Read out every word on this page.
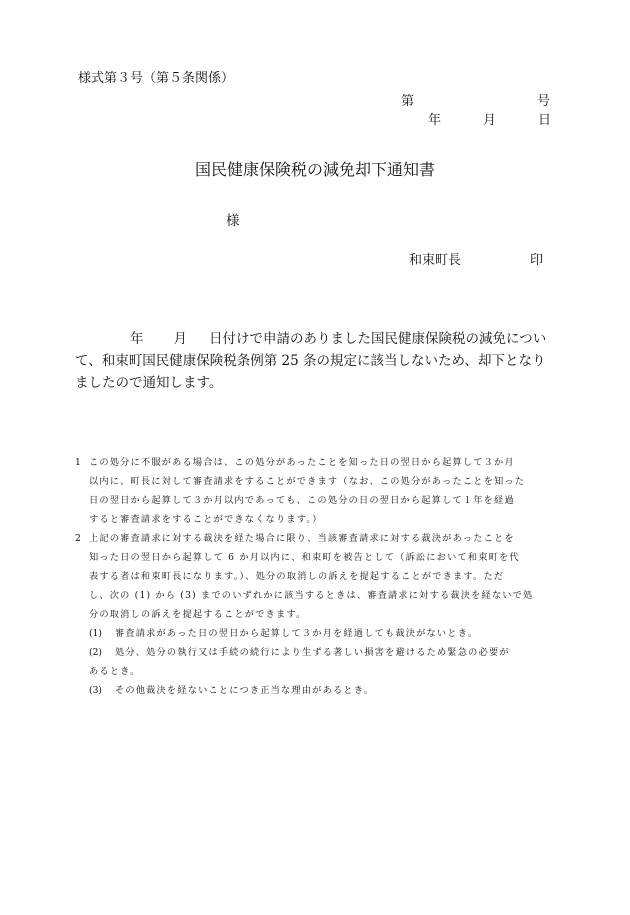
様式第３号（第５条関係）
第	号
年	月	日
国民健康保険税の減免却下通知書
様
和束町長	印
年 月 日付けで申請のありました国民健康保険税の減免につい
て、和束町国民健康保険税条例第 25 条の規定に該当しないため、却下となり
ましたので通知します。
1 この処分に不服がある場合は、この処分があったことを知った日の翌日から起算して３か月
以内に、町長に対して審査請求をすることができます（なお、この処分があったことを知った
日の翌日から起算して３か月以内であっても、この処分の日の翌日から起算して１年を経過
すると審査請求をすることができなくなります。）
2 上記の審査請求に対する裁決を経た場合に限り、当該審査請求に対する裁決があったことを
知った日の翌日から起算して 6 か月以内に、和束町を被告として（訴訟において和束町を代
表する者は和束町長になります。）、処分の取消しの訴えを提起することができます。ただ
し、次の (1) から (3) までのいずれかに該当するときは、審査請求に対する裁決を経ないで処
分の取消しの訴えを提起することができます。
(1) 審査請求があった日の翌日から起算して３か月を経過しても裁決がないとき。
(2) 処分、処分の執行又は手続の続行により生ずる著しい損害を避けるため緊急の必要が
あるとき。
(3) その他裁決を経ないことにつき正当な理由があるとき。
